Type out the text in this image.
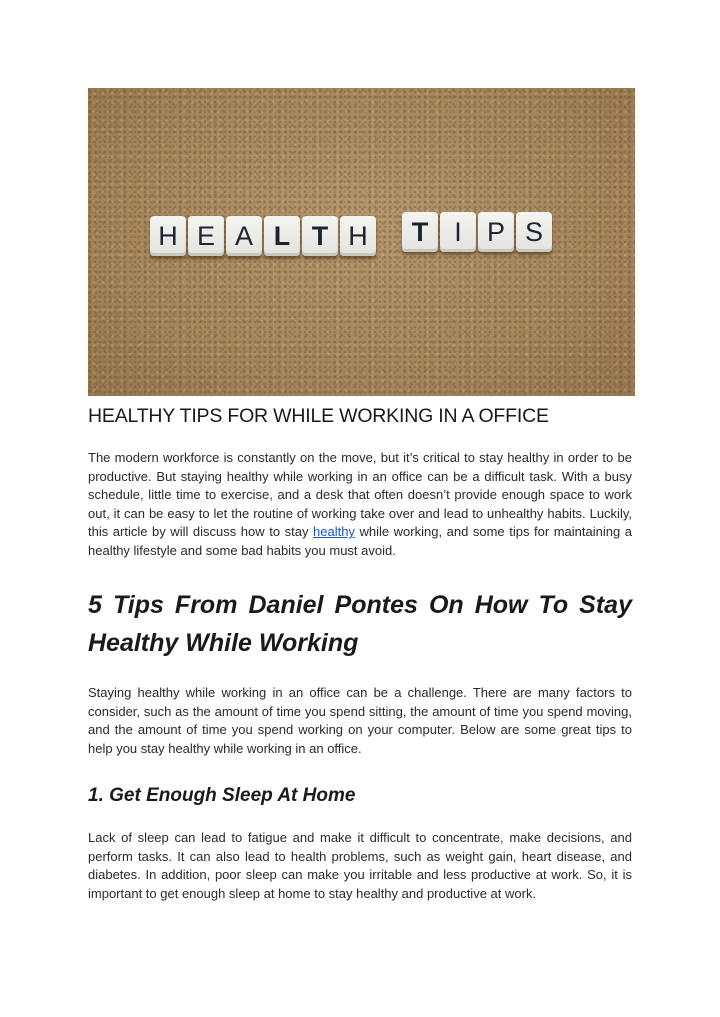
H E A L T H	T I P S
HEALTHY TIPS FOR WHILE WORKING IN A OFFICE

The modern workforce is constantly on the move, but it’s critical to stay healthy in order to be productive. But staying healthy while working in an office can be a difficult task. With a busy schedule, little time to exercise, and a desk that often doesn’t provide enough space to work out, it can be easy to let the routine of working take over and lead to unhealthy habits. Luckily, this article by will discuss how to stay healthy while working, and some tips for maintaining a healthy lifestyle and some bad habits you must avoid.

5 Tips From Daniel Pontes On How To Stay
Healthy While Working

Staying healthy while working in an office can be a challenge. There are many factors to consider, such as the amount of time you spend sitting, the amount of time you spend moving, and the amount of time you spend working on your computer. Below are some great tips to help you stay healthy while working in an office.

1. Get Enough Sleep At Home

Lack of sleep can lead to fatigue and make it difficult to concentrate, make decisions, and perform tasks. It can also lead to health problems, such as weight gain, heart disease, and diabetes. In addition, poor sleep can make you irritable and less productive at work. So, it is important to get enough sleep at home to stay healthy and productive at work.
